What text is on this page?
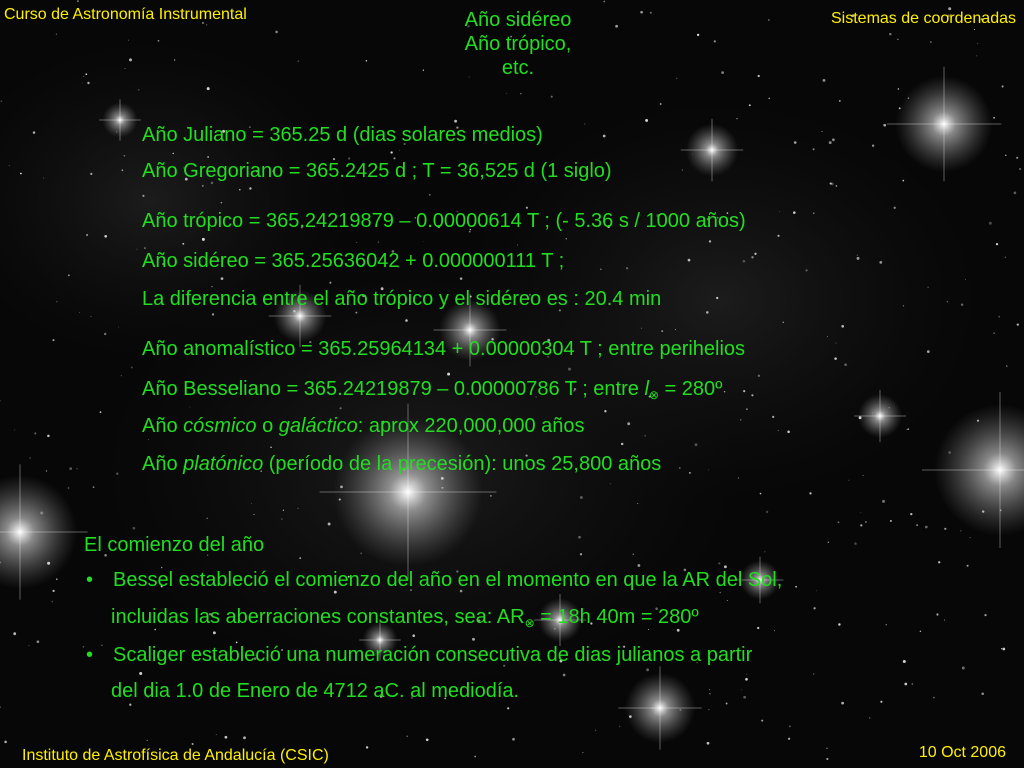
Curso de Astronomía Instrumental	Sistemas de coordenadas
Año sidéreo
Año trópico,
etc.
Año Juliano = 365.25 d (dias solares medios)
Año Gregoriano = 365.2425 d ; T = 36,525 d (1 siglo)
Año trópico = 365.24219879 – 0.00000614 T ; (- 5.36 s / 1000 años)
Año sidéreo = 365.25636042 + 0.000000111 T ;
La diferencia entre el año trópico y el sidéreo es : 20.4 min
Año anomalístico = 365.25964134 + 0.00000304 T ; entre perihelios
Año Besseliano = 365.24219879 – 0.00000786 T ; entre $l_\otimes$ = 280º
Año cósmico o galáctico: aprox 220,000,000 años
Año platónico (período de la precesión): unos 25,800 años
El comienzo del año
• Bessel estableció el comienzo del año en el momento en que la AR del Sol,
incluidas las aberraciones constantes, sea: $AR_\otimes = 18h$ 40m = 280º
• Scaliger estableció una numeración consecutiva de dias julianos a partir
del dia 1.0 de Enero de 4712 aC. al mediodía.
Instituto de Astrofísica de Andalucía (CSIC)	10 Oct 2006
